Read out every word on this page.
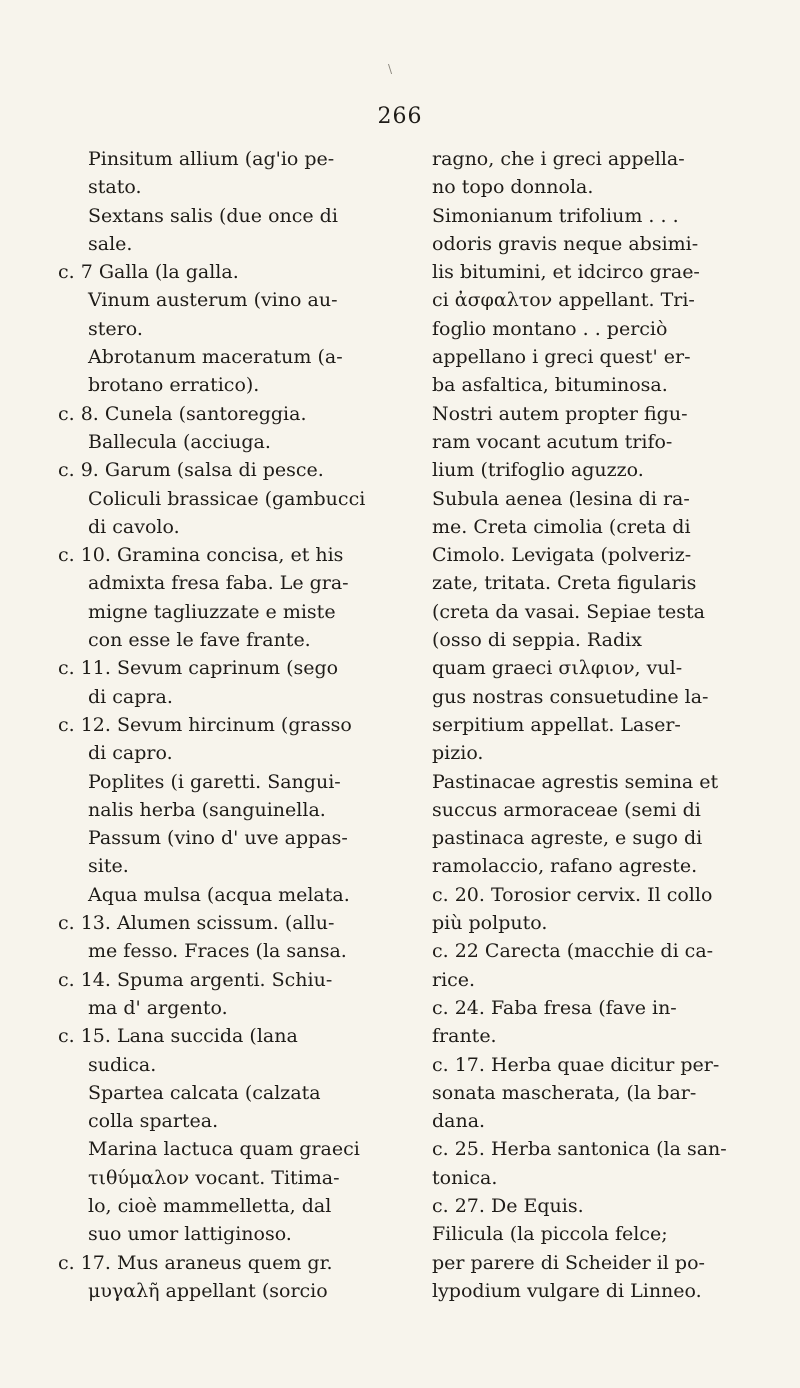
\
266
Pinsitum allium (ag'io pe-
stato.
Sextans salis (due once di
sale.
c. 7 Galla (la galla.
Vinum austerum (vino au-
stero.
Abrotanum maceratum (a-
brotano erratico).
c. 8. Cunela (santoreggia.
Ballecula (acciuga.
c. 9. Garum (salsa di pesce.
Coliculi brassicae (gambucci
di cavolo.
c. 10. Gramina concisa, et his
admixta fresa faba. Le gra-
migne tagliuzzate e miste
con esse le fave frante.
c. 11. Sevum caprinum (sego
di capra.
c. 12. Sevum hircinum (grasso
di capro.
Poplites (i garetti. Sangui-
nalis herba (sanguinella.
Passum (vino d' uve appas-
site.
Aqua mulsa (acqua melata.
c. 13. Alumen scissum. (allu-
me fesso. Fraces (la sansa.
c. 14. Spuma argenti. Schiu-
ma d' argento.
c. 15. Lana succida (lana
sudica.
Spartea calcata (calzata
colla spartea.
Marina lactuca quam graeci
τιθύμαλον vocant. Titima-
lo, cioè mammelletta, dal
suo umor lattiginoso.
c. 17. Mus araneus quem gr.
μυγαλῆ appellant (sorcio
ragno, che i greci appella-
no topo donnola.
Simonianum trifolium . . .
odoris gravis neque absimi-
lis bitumini, et idcirco grae-
ci ἀσφαλτον appellant. Tri-
foglio montano . . perciò
appellano i greci quest' er-
ba asfaltica, bituminosa.
Nostri autem propter figu-
ram vocant acutum trifo-
lium (trifoglio aguzzo.
Subula aenea (lesina di ra-
me. Creta cimolia (creta di
Cimolo. Levigata (polveriz-
zate, tritata. Creta figularis
(creta da vasai. Sepiae testa
(osso di seppia. Radix
quam graeci σιλφιον, vul-
gus nostras consuetudine la-
serpitium appellat. Laser-
pizio.
Pastinacae agrestis semina et
succus armoraceae (semi di
pastinaca agreste, e sugo di
ramolaccio, rafano agreste.
c. 20. Torosior cervix. Il collo
più polputo.
c. 22 Carecta (macchie di ca-
rice.
c. 24. Faba fresa (fave in-
frante.
c. 17. Herba quae dicitur per-
sonata mascherata, (la bar-
dana.
c. 25. Herba santonica (la san-
tonica.
c. 27. De Equis.
Filicula (la piccola felce;
per parere di Scheider il po-
lypodium vulgare di Linneo.
